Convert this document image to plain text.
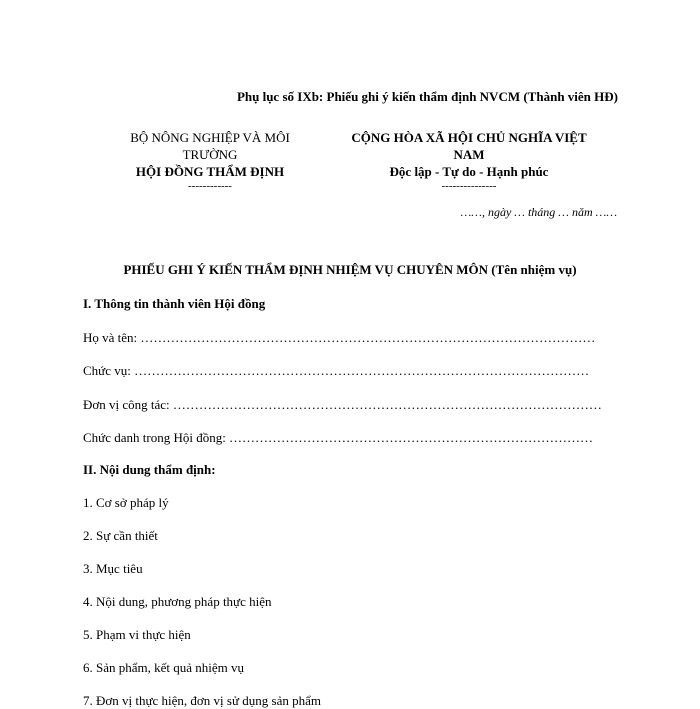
Phụ lục số IXb: Phiếu ghi ý kiến thẩm định NVCM (Thành viên HĐ)
BỘ NÔNG NGHIỆP VÀ MÔI
TRƯỜNG
HỘI ĐỒNG THẨM ĐỊNH
------------
CỘNG HÒA XÃ HỘI CHỦ NGHĨA VIỆT
NAM
Độc lập - Tự do - Hạnh phúc
---------------
……, ngày … tháng … năm ……
PHIẾU GHI Ý KIẾN THẨM ĐỊNH NHIỆM VỤ CHUYÊN MÔN (Tên nhiệm vụ)
I. Thông tin thành viên Hội đồng
Họ và tên: ……………………………………………………………………………………………
Chức vụ: ……………………………………………………………………………………………
Đơn vị công tác: ………………………………………………………………………………………
Chức danh trong Hội đồng: …………………………………………………………………………
II. Nội dung thẩm định:
1. Cơ sở pháp lý
2. Sự cần thiết
3. Mục tiêu
4. Nội dung, phương pháp thực hiện
5. Phạm vi thực hiện
6. Sản phẩm, kết quả nhiệm vụ
7. Đơn vị thực hiện, đơn vị sử dụng sản phẩm
